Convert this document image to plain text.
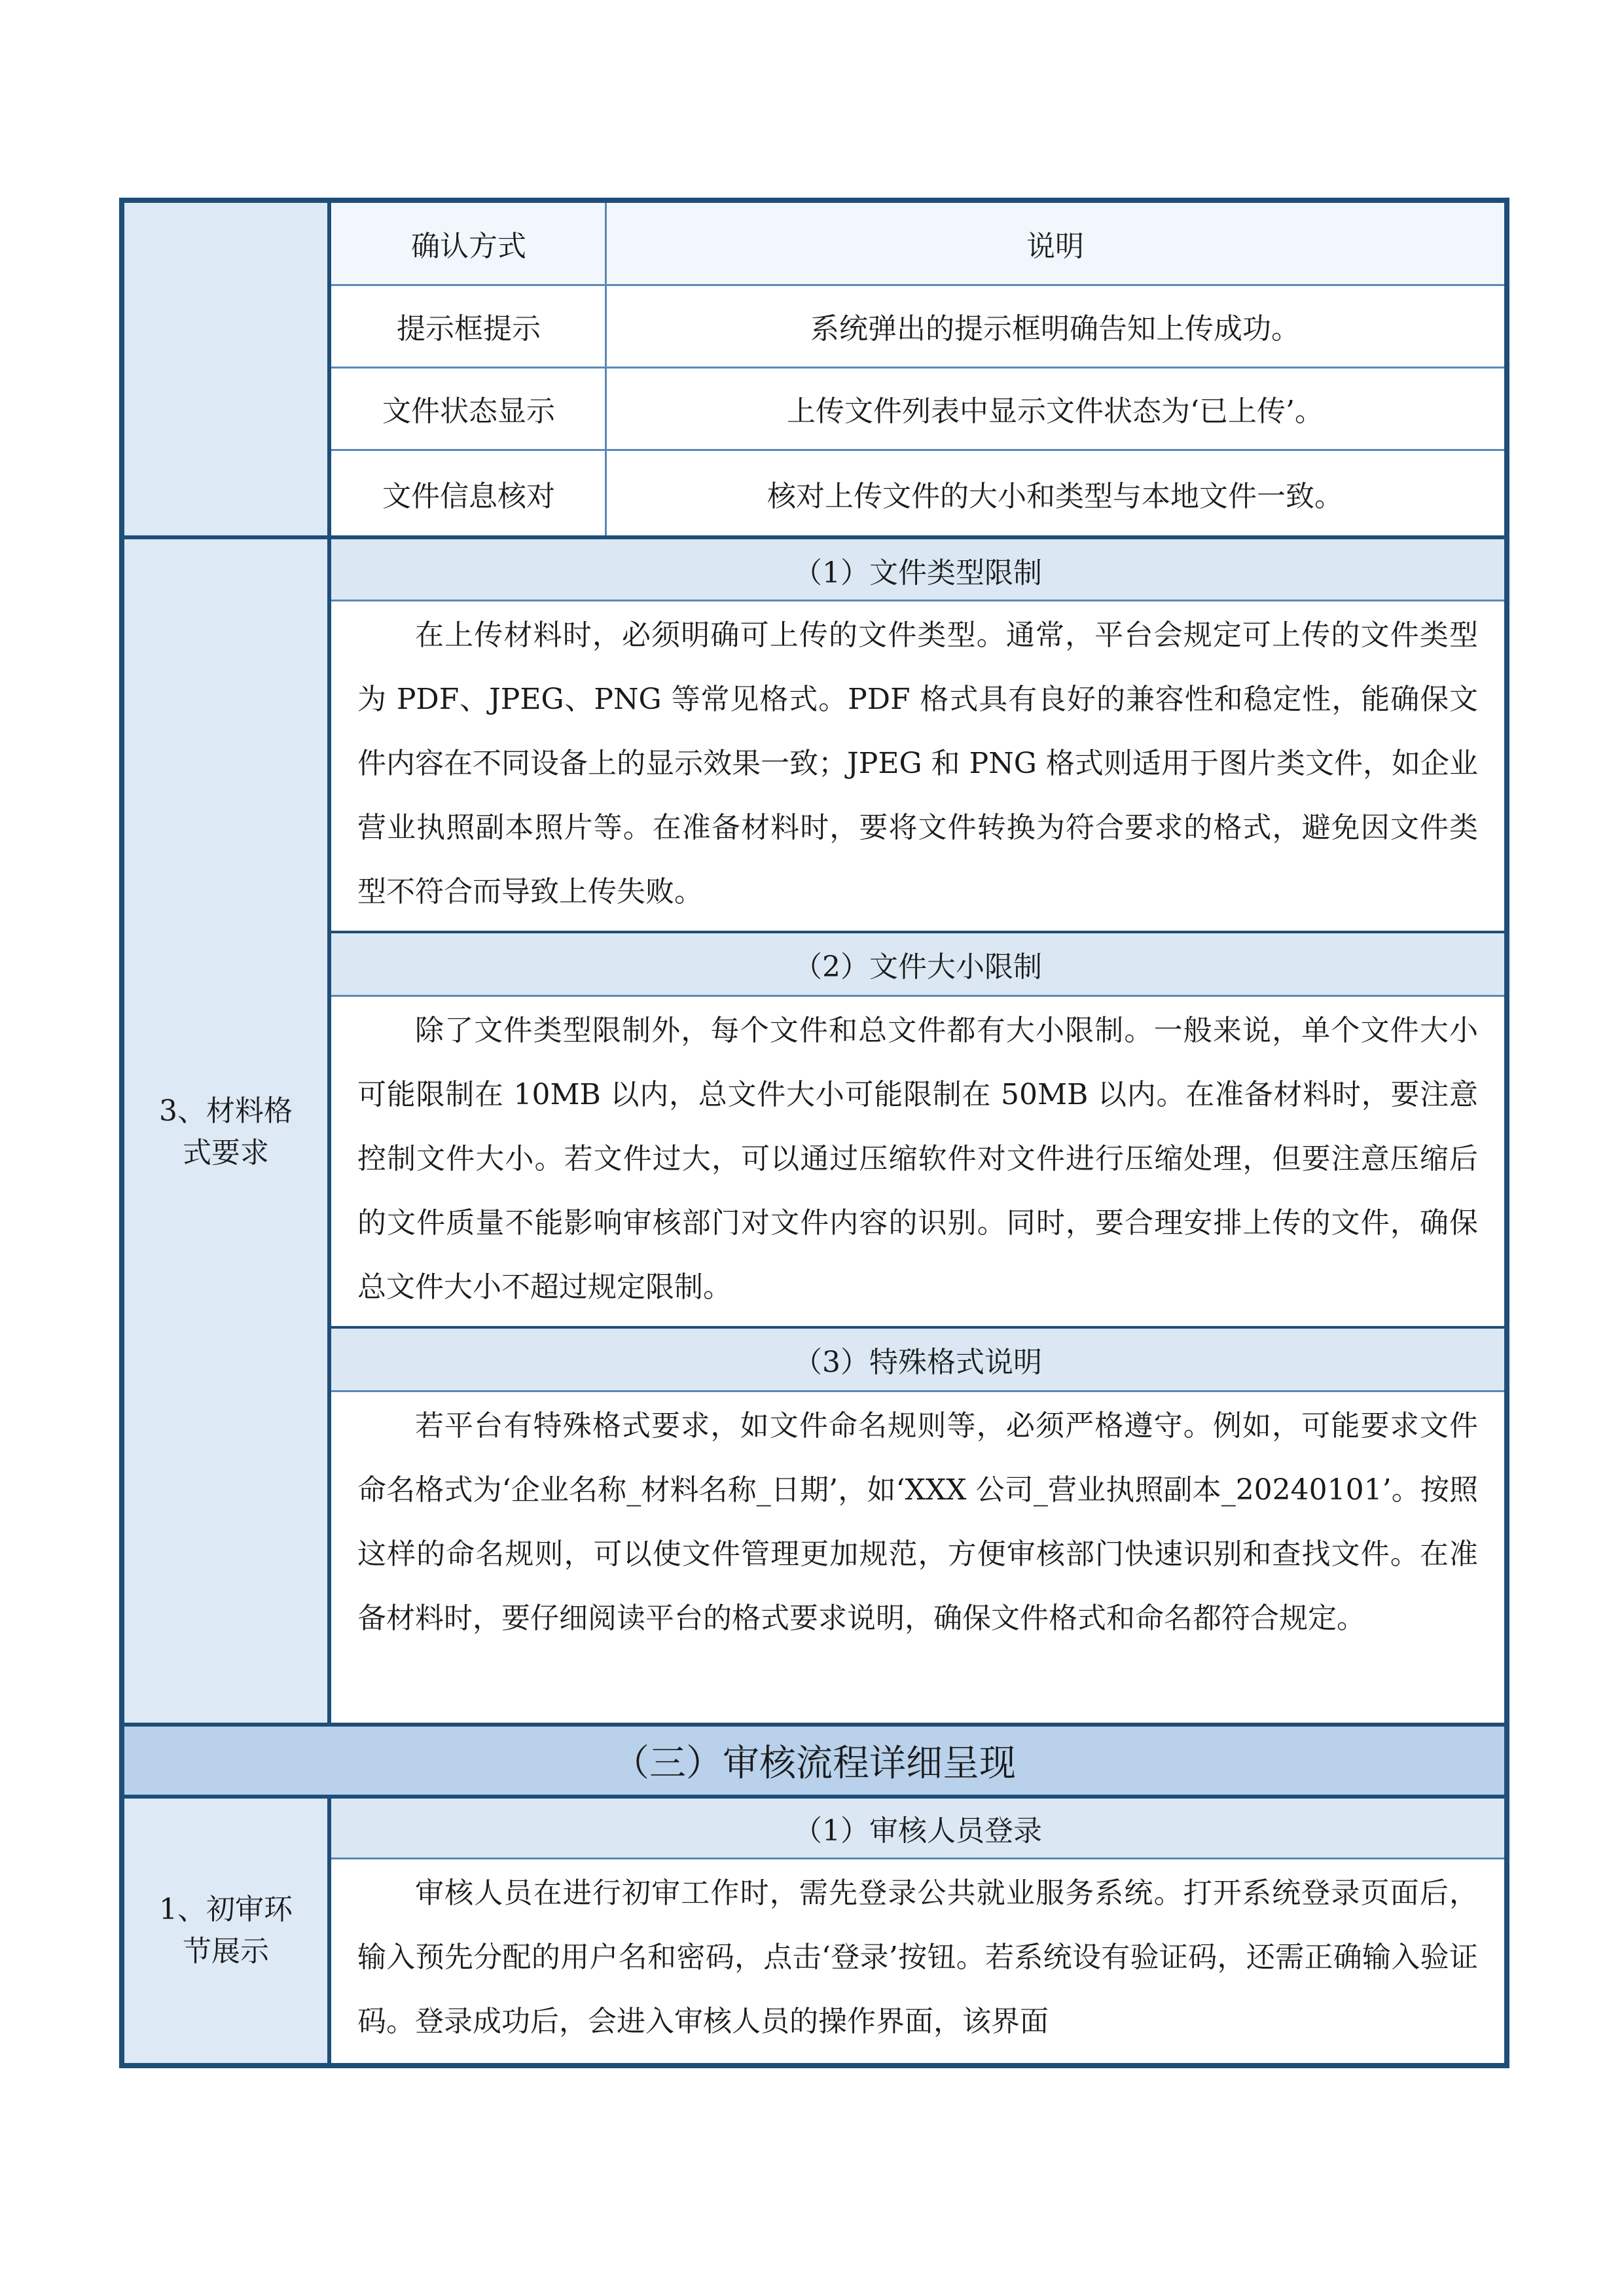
确认方式	说明
提示框提示	系统弹出的提示框明确告知上传成功。
文件状态显示	上传文件列表中显示文件状态为‘已上传’。
文件信息核对	核对上传文件的大小和类型与本地文件一致。
3、材料格式要求
（1）文件类型限制
在上传材料时，必须明确可上传的文件类型。通常，平台会规定可上传的文件类型为 PDF、JPEG、PNG 等常见格式。PDF 格式具有良好的兼容性和稳定性，能确保文件内容在不同设备上的显示效果一致；JPEG 和 PNG 格式则适用于图片类文件，如企业营业执照副本照片等。在准备材料时，要将文件转换为符合要求的格式，避免因文件类型不符合而导致上传失败。
（2）文件大小限制
除了文件类型限制外，每个文件和总文件都有大小限制。一般来说，单个文件大小可能限制在 10MB 以内，总文件大小可能限制在 50MB 以内。在准备材料时，要注意控制文件大小。若文件过大，可以通过压缩软件对文件进行压缩处理，但要注意压缩后的文件质量不能影响审核部门对文件内容的识别。同时，要合理安排上传的文件，确保总文件大小不超过规定限制。
（3）特殊格式说明
若平台有特殊格式要求，如文件命名规则等，必须严格遵守。例如，可能要求文件命名格式为‘企业名称_材料名称_日期’，如‘XXX 公司_营业执照副本_20240101’。按照这样的命名规则，可以使文件管理更加规范，方便审核部门快速识别和查找文件。在准备材料时，要仔细阅读平台的格式要求说明，确保文件格式和命名都符合规定。
（三）审核流程详细呈现
1、初审环节展示
（1）审核人员登录
审核人员在进行初审工作时，需先登录公共就业服务系统。打开系统登录页面后，输入预先分配的用户名和密码，点击‘登录’按钮。若系统设有验证码，还需正确输入验证码。登录成功后，会进入审核人员的操作界面，该界面
